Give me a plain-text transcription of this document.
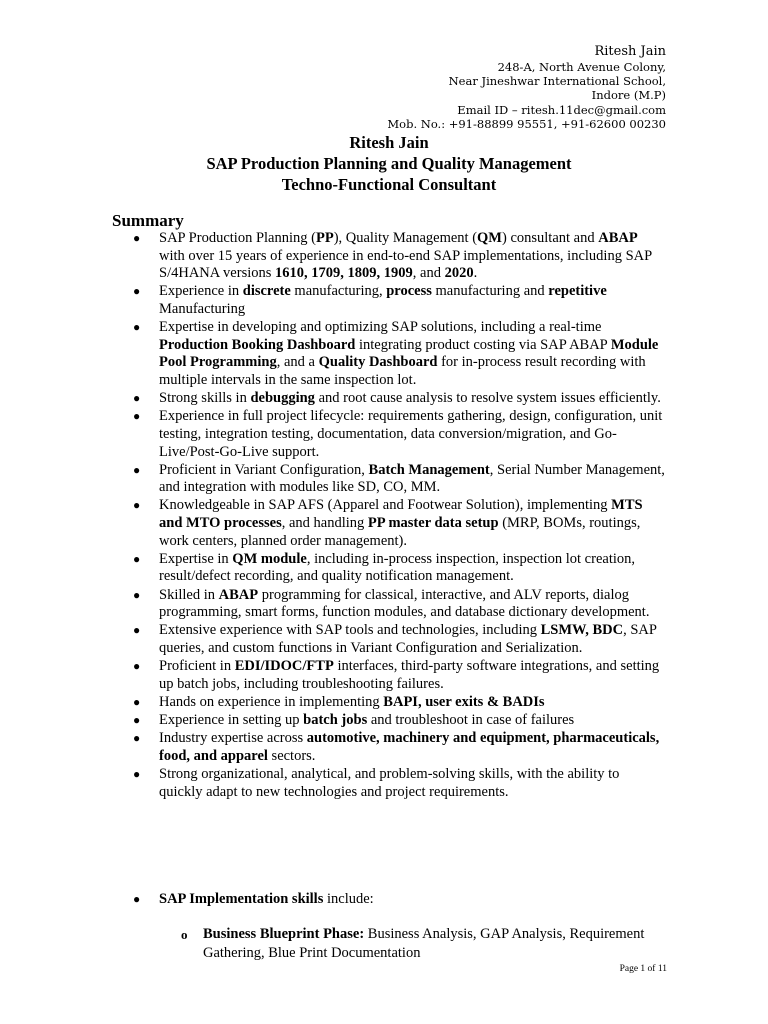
Ritesh Jain
248-A, North Avenue Colony,
Near Jineshwar International School,
Indore (M.P)
Email ID – ritesh.11dec@gmail.com
Mob. No.: +91-88899 95551, +91-62600 00230
Ritesh Jain
SAP Production Planning and Quality Management
Techno-Functional Consultant
Summary
● SAP Production Planning (PP), Quality Management (QM) consultant and ABAP with over 15 years of experience in end-to-end SAP implementations, including SAP S/4HANA versions 1610, 1709, 1809, 1909, and 2020.
● Experience in discrete manufacturing, process manufacturing and repetitive Manufacturing
● Expertise in developing and optimizing SAP solutions, including a real-time Production Booking Dashboard integrating product costing via SAP ABAP Module Pool Programming, and a Quality Dashboard for in-process result recording with multiple intervals in the same inspection lot.
● Strong skills in debugging and root cause analysis to resolve system issues efficiently.
● Experience in full project lifecycle: requirements gathering, design, configuration, unit testing, integration testing, documentation, data conversion/migration, and Go-Live/Post-Go-Live support.
● Proficient in Variant Configuration, Batch Management, Serial Number Management, and integration with modules like SD, CO, MM.
● Knowledgeable in SAP AFS (Apparel and Footwear Solution), implementing MTS and MTO processes, and handling PP master data setup (MRP, BOMs, routings, work centers, planned order management).
● Expertise in QM module, including in-process inspection, inspection lot creation, result/defect recording, and quality notification management.
● Skilled in ABAP programming for classical, interactive, and ALV reports, dialog programming, smart forms, function modules, and database dictionary development.
● Extensive experience with SAP tools and technologies, including LSMW, BDC, SAP queries, and custom functions in Variant Configuration and Serialization.
● Proficient in EDI/IDOC/FTP interfaces, third-party software integrations, and setting up batch jobs, including troubleshooting failures.
● Hands on experience in implementing BAPI, user exits & BADIs
● Experience in setting up batch jobs and troubleshoot in case of failures
● Industry expertise across automotive, machinery and equipment, pharmaceuticals, food, and apparel sectors.
● Strong organizational, analytical, and problem-solving skills, with the ability to quickly adapt to new technologies and project requirements.
● SAP Implementation skills include:
o Business Blueprint Phase: Business Analysis, GAP Analysis, Requirement Gathering, Blue Print Documentation
Page 1 of 11
